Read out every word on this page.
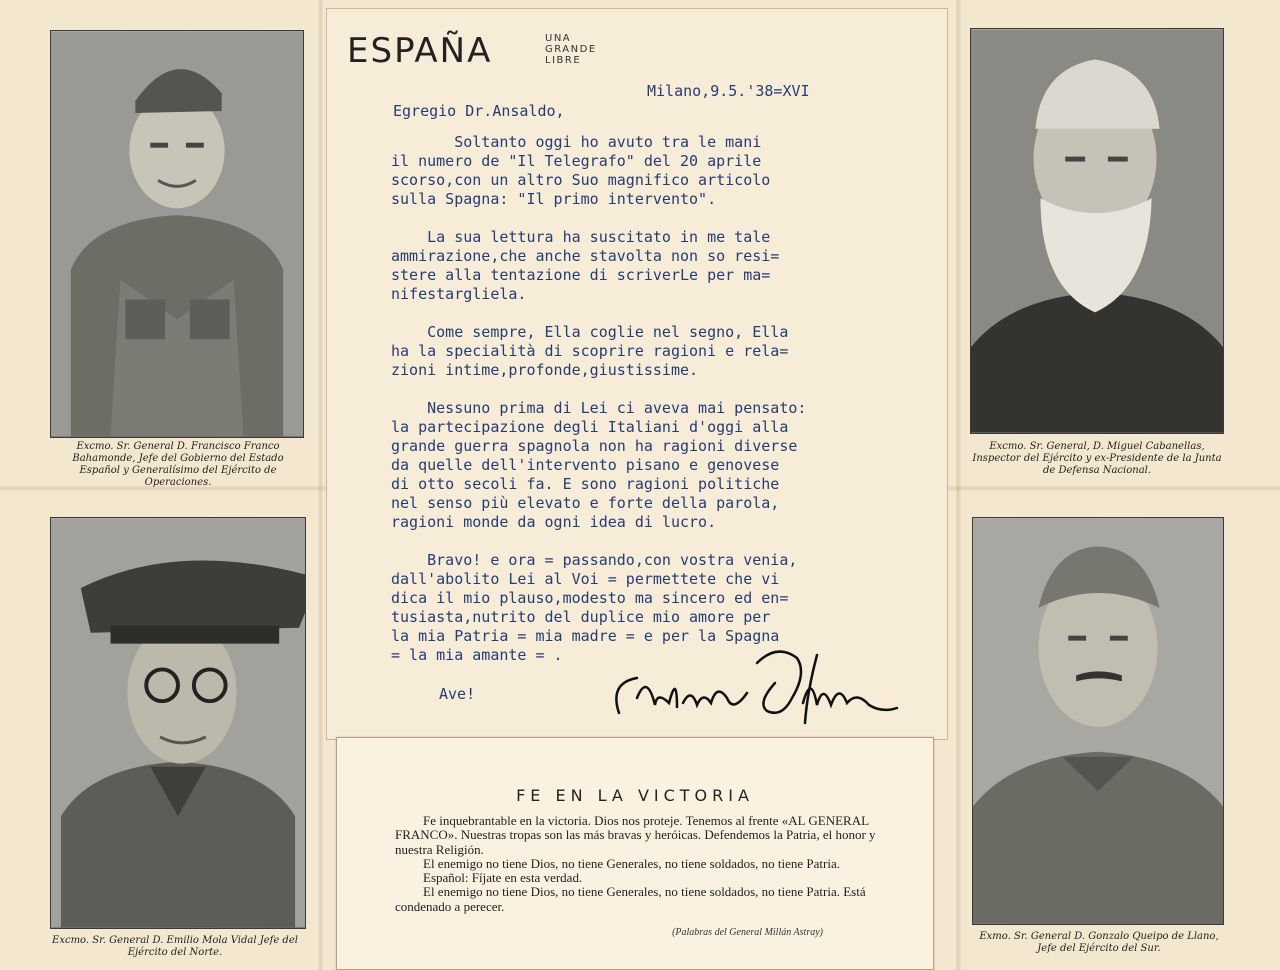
Excmo. Sr. General D. Francisco Franco Bahamonde, Jefe del Gobierno del Estado Español y Generalísimo del Ejército de Operaciones.
Excmo. Sr. General D. Emilio Mola Vidal Jefe del Ejército del Norte.
Excmo. Sr. General, D. Miguel Cabanellas, Inspector del Ejército y ex-Presidente de la Junta de Defensa Nacional.
Exmo. Sr. General D. Gonzalo Queipo de Llano, Jefe del Ejército del Sur.
ESPAÑA	UNA
GRANDE
LIBRE
Milano,9.5.'38=XVI
Egregio Dr.Ansaldo,
Soltanto oggi ho avuto tra le mani
il numero de "Il Telegrafo" del 20 aprile
scorso,con un altro Suo magnifico articolo
sulla Spagna: "Il primo intervento".

La sua lettura ha suscitato in me tale
ammirazione,che anche stavolta non so resi=
stere alla tentazione di scriverLe per ma=
nifestargliela.

Come sempre, Ella coglie nel segno, Ella
ha la specialità di scoprire ragioni e rela=
zioni intime,profonde,giustissime.

Nessuno prima di Lei ci aveva mai pensato:
la partecipazione degli Italiani d'oggi alla
grande guerra spagnola non ha ragioni diverse
da quelle dell'intervento pisano e genovese
di otto secoli fa. E sono ragioni politiche
nel senso più elevato e forte della parola,
ragioni monde da ogni idea di lucro.

Bravo! e ora = passando,con vostra venia,
dall'abolito Lei al Voi = permettete che vi
dica il mio plauso,modesto ma sincero ed en=
tusiasta,nutrito del duplice mio amore per
la mia Patria = mia madre = e per la Spagna
= la mia amante = .
Ave!
FE EN LA VICTORIA

Fe inquebrantable en la victoria. Dios nos proteje. Tenemos al frente «AL GENERAL FRANCO». Nuestras tropas son las más bravas y heróicas. Defendemos la Patria, el honor y nuestra Religión.

El enemigo no tiene Dios, no tiene Generales, no tiene soldados, no tiene Patria.

Español: Fíjate en esta verdad.

El enemigo no tiene Dios, no tiene Generales, no tiene soldados, no tiene Patria. Está condenado a perecer.

(Palabras del General Millán Astray)
